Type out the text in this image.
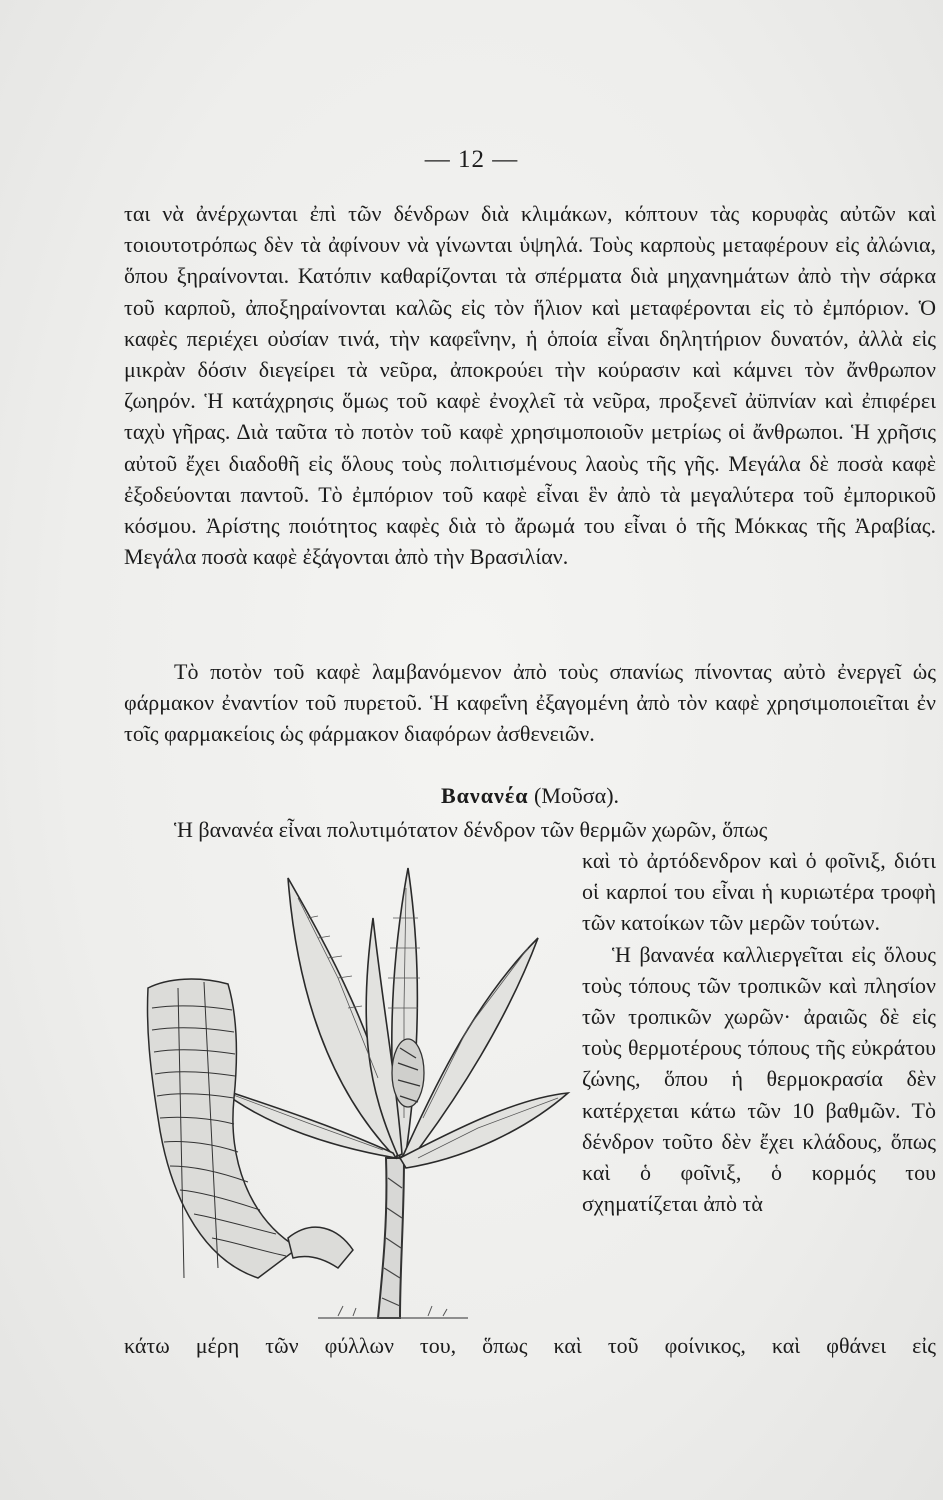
— 12 —

ται νὰ ἀνέρχωνται ἐπὶ τῶν δένδρων διὰ κλιμάκων, κόπτουν τὰς κορυφὰς αὐτῶν καὶ τοιουτοτρόπως δὲν τὰ ἀφίνουν νὰ γίνωνται ὑψηλά. Τοὺς καρποὺς μεταφέρουν εἰς ἀλώνια, ὅπου ξηραίνονται. Κατόπιν καθαρίζονται τὰ σπέρματα διὰ μηχανημάτων ἀπὸ τὴν σάρκα τοῦ καρποῦ, ἀποξηραίνονται καλῶς εἰς τὸν ἥλιον καὶ μεταφέρονται εἰς τὸ ἐμπόριον. Ὁ καφὲς περιέχει οὐσίαν τινά, τὴν καφεΐνην, ἡ ὁποία εἶναι δηλητήριον δυνατόν, ἀλλὰ εἰς μικρὰν δόσιν διεγείρει τὰ νεῦρα, ἀποκρούει τὴν κούρασιν καὶ κάμνει τὸν ἄνθρωπον ζωηρόν. Ἡ κατάχρησις ὅμως τοῦ καφὲ ἐνοχλεῖ τὰ νεῦρα, προξενεῖ ἀϋπνίαν καὶ ἐπιφέρει ταχὺ γῆρας. Διὰ ταῦτα τὸ ποτὸν τοῦ καφὲ χρησιμοποιοῦν μετρίως οἱ ἄνθρωποι. Ἡ χρῆσις αὐτοῦ ἔχει διαδοθῆ εἰς ὅλους τοὺς πολιτισμένους λαοὺς τῆς γῆς. Μεγάλα δὲ ποσὰ καφὲ ἐξοδεύονται παντοῦ. Τὸ ἐμπόριον τοῦ καφὲ εἶναι ἓν ἀπὸ τὰ μεγαλύτερα τοῦ ἐμπορικοῦ κόσμου. Ἀρίστης ποιότητος καφὲς διὰ τὸ ἄρωμά του εἶναι ὁ τῆς Μόκκας τῆς Ἀραβίας. Μεγάλα ποσὰ καφὲ ἐξάγονται ἀπὸ τὴν Βρασιλίαν.

Τὸ ποτὸν τοῦ καφὲ λαμβανόμενον ἀπὸ τοὺς σπανίως πίνοντας αὐτὸ ἐνεργεῖ ὡς φάρμακον ἐναντίον τοῦ πυρετοῦ. Ἡ καφεΐνη ἐξαγομένη ἀπὸ τὸν καφὲ χρησιμοποιεῖται ἐν τοῖς φαρμακείοις ὡς φάρμακον διαφόρων ἀσθενειῶν.

Βανανέα (Μοῦσα).

Ἡ βανανέα εἶναι πολυτιμότατον δένδρον τῶν θερμῶν χωρῶν, ὅπως

καὶ τὸ ἀρτόδενδρον καὶ ὁ φοῖνιξ, διότι οἱ καρποί του εἶναι ἡ κυριωτέρα τροφὴ τῶν κατοίκων τῶν μερῶν τούτων.

Ἡ βανανέα καλλιεργεῖται εἰς ὅλους τοὺς τόπους τῶν τροπικῶν καὶ πλησίον τῶν τροπικῶν χωρῶν· ἀραιῶς δὲ εἰς τοὺς θερμοτέρους τόπους τῆς εὐκράτου ζώνης, ὅπου ἡ θερμοκρασία δὲν κατέρχεται κάτω τῶν 10 βαθμῶν. Τὸ δένδρον τοῦτο δὲν ἔχει κλάδους, ὅπως καὶ ὁ φοῖνιξ, ὁ κορμός του σχηματίζεται ἀπὸ τὰ

κάτω μέρη τῶν φύλλων του, ὅπως καὶ τοῦ φοίνικος, καὶ φθάνει εἰς
